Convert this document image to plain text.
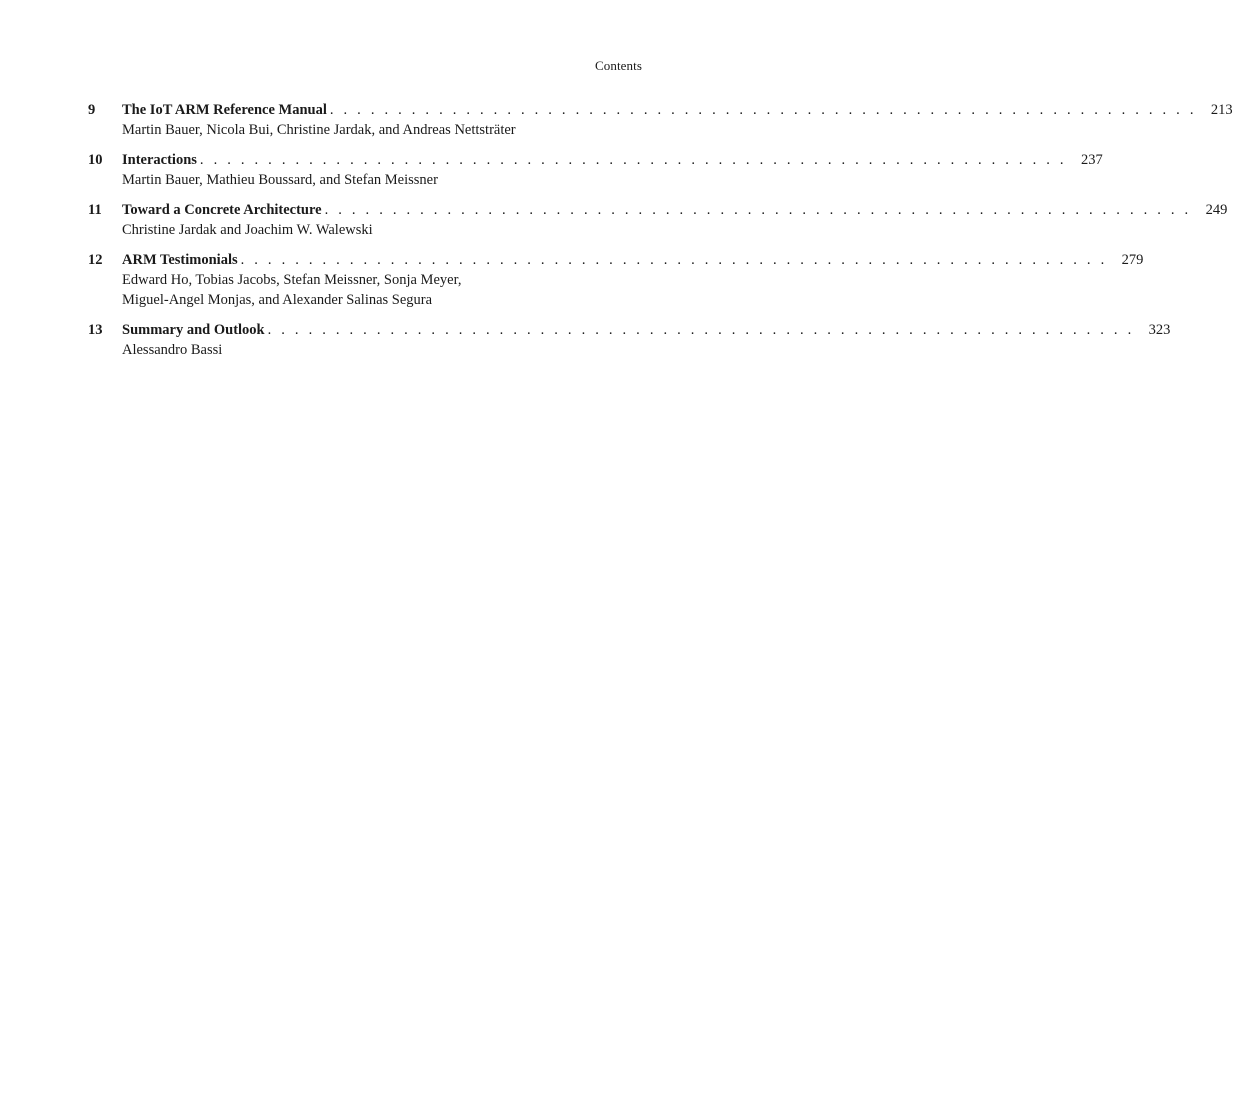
Contents
9	The IoT ARM Reference Manual . . . . . . . . . . . . . . . . . . . . . . . . . . . . . . . . . . . . . . . . . . . . . . . . . . . . . . . . . . . . . . . . 213
Martin Bauer, Nicola Bui, Christine Jardak, and Andreas Nettsträter
10	Interactions . . . . . . . . . . . . . . . . . . . . . . . . . . . . . . . . . . . . . . . . . . . . . . . . . . . . . . . . . . . . . . . . 237
Martin Bauer, Mathieu Boussard, and Stefan Meissner
11	Toward a Concrete Architecture . . . . . . . . . . . . . . . . . . . . . . . . . . . . . . . . . . . . . . . . . . . . . . . . . . . . . . . . . . . . . . . . 249
Christine Jardak and Joachim W. Walewski
12	ARM Testimonials . . . . . . . . . . . . . . . . . . . . . . . . . . . . . . . . . . . . . . . . . . . . . . . . . . . . . . . . . . . . . . . . 279
Edward Ho, Tobias Jacobs, Stefan Meissner, Sonja Meyer,
Miguel-Angel Monjas, and Alexander Salinas Segura
13	Summary and Outlook . . . . . . . . . . . . . . . . . . . . . . . . . . . . . . . . . . . . . . . . . . . . . . . . . . . . . . . . . . . . . . . . 323
Alessandro Bassi
